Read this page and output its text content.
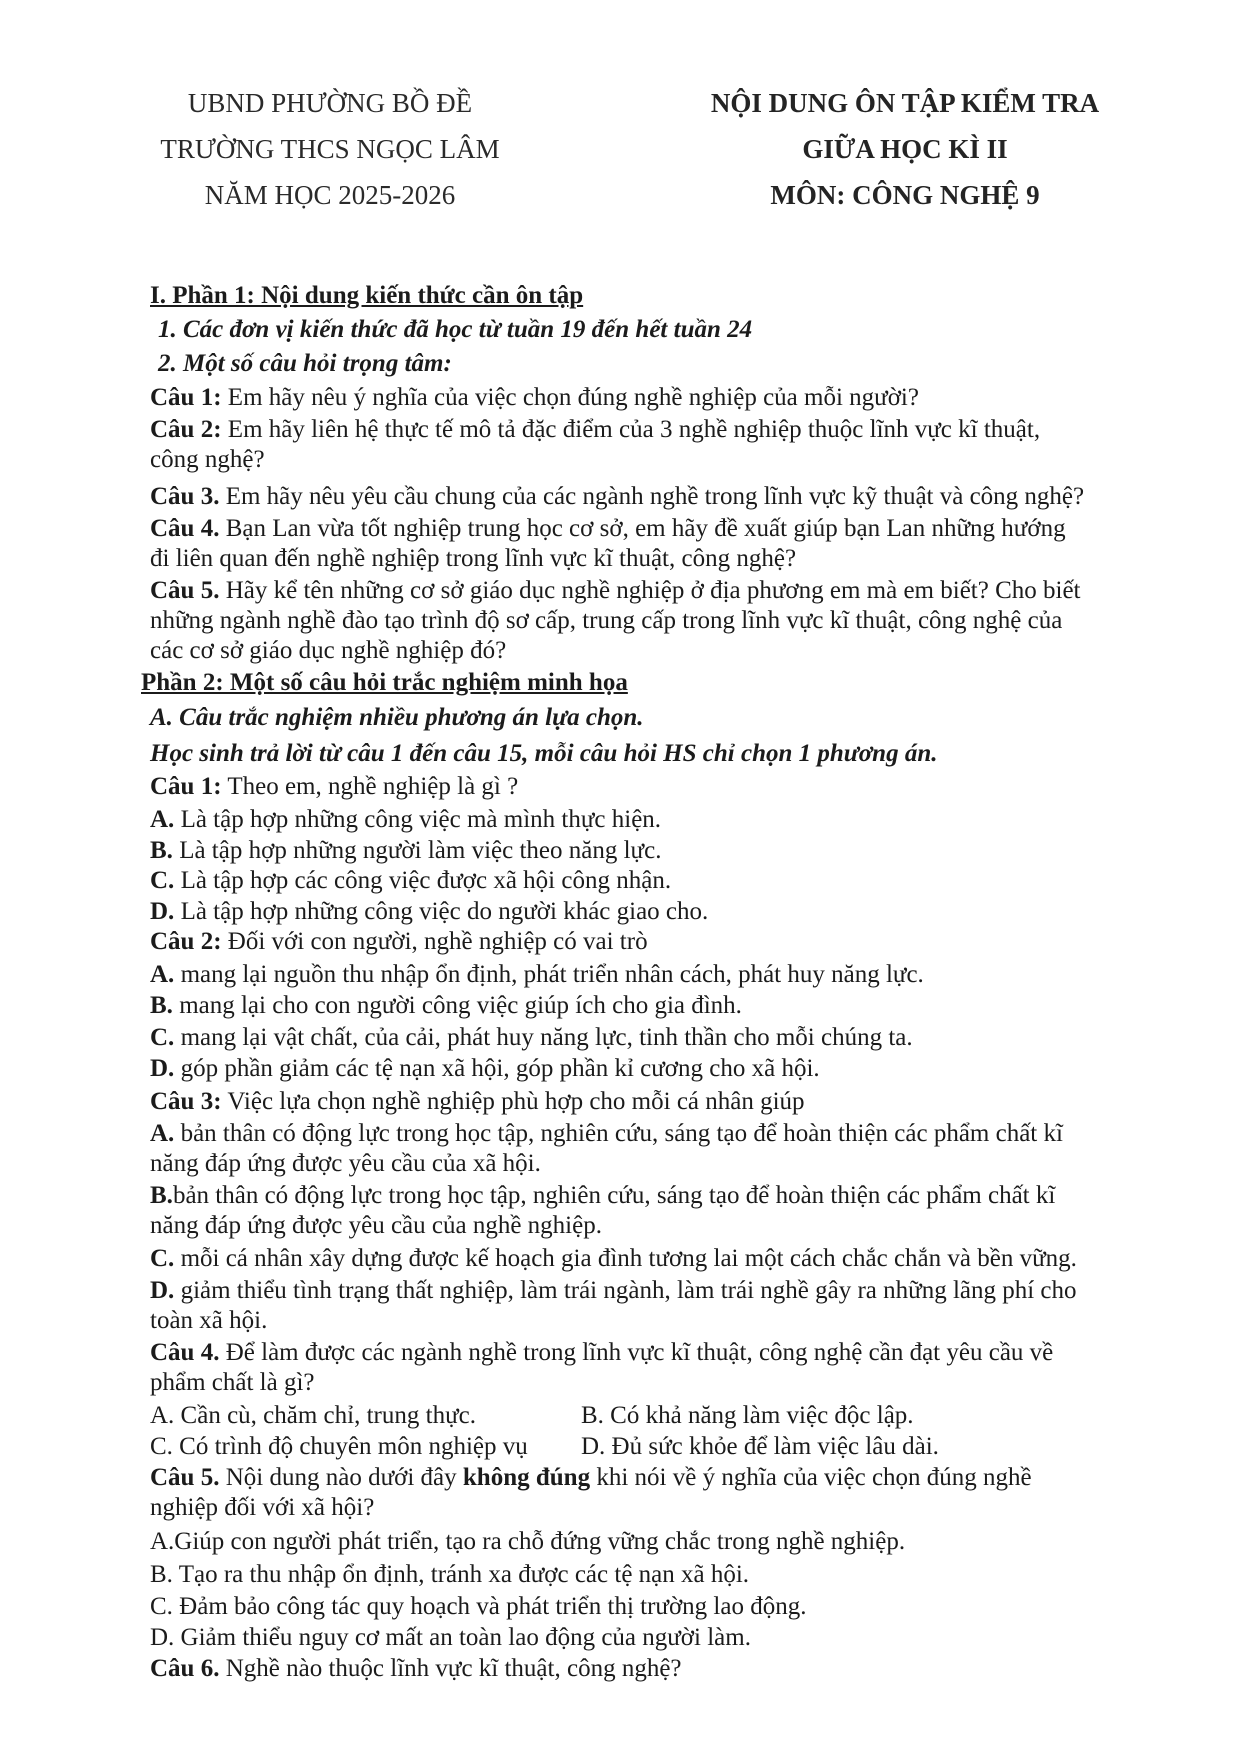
UBND PHƯỜNG BỒ ĐỀ
TRƯỜNG THCS NGỌC LÂM
NĂM HỌC 2025-2026
NỘI DUNG ÔN TẬP KIỂM TRA
GIỮA HỌC KÌ II
MÔN: CÔNG NGHỆ 9
I. Phần 1: Nội dung kiến thức cần ôn tập
1. Các đơn vị kiến thức đã học từ tuần 19 đến hết tuần 24
2. Một số câu hỏi trọng tâm:
Câu 1: Em hãy nêu ý nghĩa của việc chọn đúng nghề nghiệp của mỗi người?
Câu 2: Em hãy liên hệ thực tế mô tả đặc điểm của 3 nghề nghiệp thuộc lĩnh vực kĩ thuật,
công nghệ?
Câu 3. Em hãy nêu yêu cầu chung của các ngành nghề trong lĩnh vực kỹ thuật và công nghệ?
Câu 4. Bạn Lan vừa tốt nghiệp trung học cơ sở, em hãy đề xuất giúp bạn Lan những hướng
đi liên quan đến nghề nghiệp trong lĩnh vực kĩ thuật, công nghệ?
Câu 5. Hãy kể tên những cơ sở giáo dục nghề nghiệp ở địa phương em mà em biết? Cho biết
những ngành nghề đào tạo trình độ sơ cấp, trung cấp trong lĩnh vực kĩ thuật, công nghệ của
các cơ sở giáo dục nghề nghiệp đó?
Phần 2: Một số câu hỏi trắc nghiệm minh họa
A. Câu trắc nghiệm nhiều phương án lựa chọn.
Học sinh trả lời từ câu 1 đến câu 15, mỗi câu hỏi HS chỉ chọn 1 phương án.
Câu 1: Theo em, nghề nghiệp là gì ?
A. Là tập hợp những công việc mà mình thực hiện.
B. Là tập hợp những người làm việc theo năng lực.
C. Là tập hợp các công việc được xã hội công nhận.
D. Là tập hợp những công việc do người khác giao cho.
Câu 2: Đối với con người, nghề nghiệp có vai trò
A. mang lại nguồn thu nhập ổn định, phát triển nhân cách, phát huy năng lực.
B. mang lại cho con người công việc giúp ích cho gia đình.
C. mang lại vật chất, của cải, phát huy năng lực, tinh thần cho mỗi chúng ta.
D. góp phần giảm các tệ nạn xã hội, góp phần kỉ cương cho xã hội.
Câu 3: Việc lựa chọn nghề nghiệp phù hợp cho mỗi cá nhân giúp
A. bản thân có động lực trong học tập, nghiên cứu, sáng tạo để hoàn thiện các phẩm chất kĩ
năng đáp ứng được yêu cầu của xã hội.
B.bản thân có động lực trong học tập, nghiên cứu, sáng tạo để hoàn thiện các phẩm chất kĩ
năng đáp ứng được yêu cầu của nghề nghiệp.
C. mỗi cá nhân xây dựng được kế hoạch gia đình tương lai một cách chắc chắn và bền vững.
D. giảm thiểu tình trạng thất nghiệp, làm trái ngành, làm trái nghề gây ra những lãng phí cho
toàn xã hội.
Câu 4. Để làm được các ngành nghề trong lĩnh vực kĩ thuật, công nghệ cần đạt yêu cầu về
phẩm chất là gì?
A. Cần cù, chăm chỉ, trung thực.	B. Có khả năng làm việc độc lập.
C. Có trình độ chuyên môn nghiệp vụ D. Đủ sức khỏe để làm việc lâu dài.
Câu 5. Nội dung nào dưới đây không đúng khi nói về ý nghĩa của việc chọn đúng nghề
nghiệp đối với xã hội?
A.Giúp con người phát triển, tạo ra chỗ đứng vững chắc trong nghề nghiệp.
B. Tạo ra thu nhập ổn định, tránh xa được các tệ nạn xã hội.
C. Đảm bảo công tác quy hoạch và phát triển thị trường lao động.
D. Giảm thiểu nguy cơ mất an toàn lao động của người làm.
Câu 6. Nghề nào thuộc lĩnh vực kĩ thuật, công nghệ?
